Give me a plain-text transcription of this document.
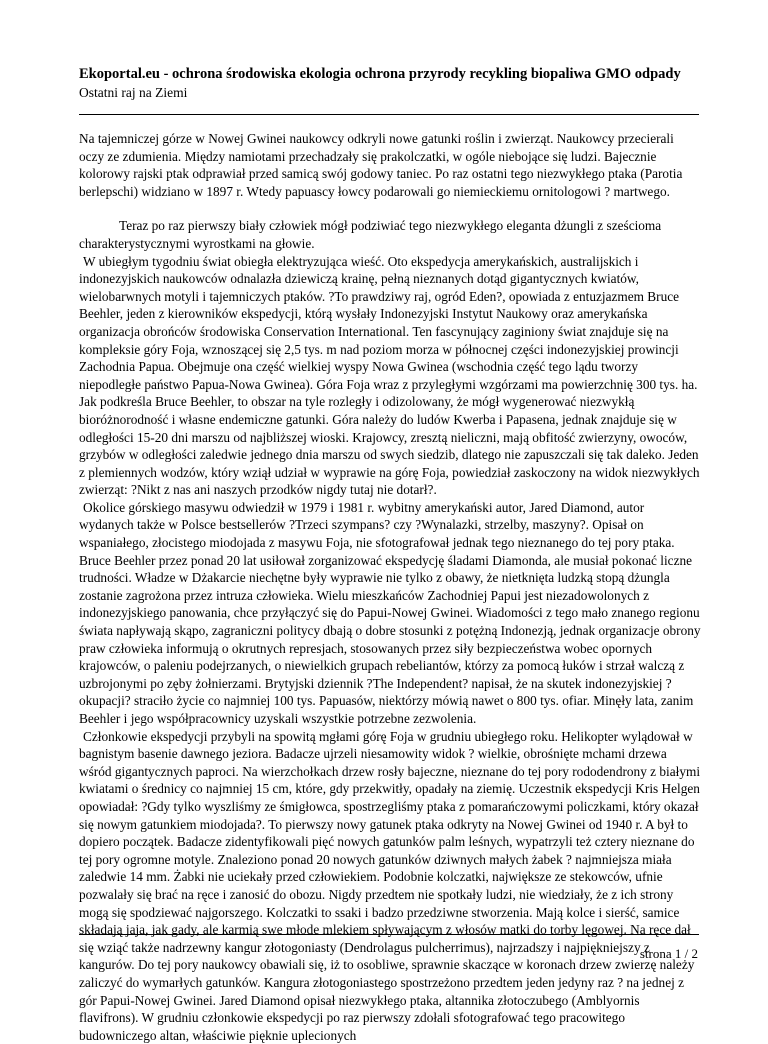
Ekoportal.eu - ochrona środowiska ekologia ochrona przyrody recykling biopaliwa GMO odpady
Ostatni raj na Ziemi

Na tajemniczej górze w Nowej Gwinei naukowcy odkryli nowe gatunki roślin i zwierząt. Naukowcy przecierali oczy ze zdumienia. Między namiotami przechadzały się prakolczatki, w ogóle niebojące się ludzi. Bajecznie kolorowy rajski ptak odprawiał przed samicą swój godowy taniec. Po raz ostatni tego niezwykłego ptaka (Parotia berlepschi) widziano w 1897 r. Wtedy papuascy łowcy podarowali go niemieckiemu ornitologowi ? martwego.

Teraz po raz pierwszy biały człowiek mógł podziwiać tego niezwykłego eleganta dżungli z sześcioma charakterystycznymi wyrostkami na głowie.

W ubiegłym tygodniu świat obiegła elektryzująca wieść. Oto ekspedycja amerykańskich, australijskich i indonezyjskich naukowców odnalazła dziewiczą krainę, pełną nieznanych dotąd gigantycznych kwiatów, wielobarwnych motyli i tajemniczych ptaków. ?To prawdziwy raj, ogród Eden?, opowiada z entuzjazmem Bruce Beehler, jeden z kierowników ekspedycji, którą wysłały Indonezyjski Instytut Naukowy oraz amerykańska organizacja obrońców środowiska Conservation International. Ten fascynujący zaginiony świat znajduje się na kompleksie góry Foja, wznoszącej się 2,5 tys. m nad poziom morza w północnej części indonezyjskiej prowincji Zachodnia Papua. Obejmuje ona część wielkiej wyspy Nowa Gwinea (wschodnia część tego lądu tworzy niepodległe państwo Papua-Nowa Gwinea). Góra Foja wraz z przyległymi wzgórzami ma powierzchnię 300 tys. ha. Jak podkreśla Bruce Beehler, to obszar na tyle rozległy i odizolowany, że mógł wygenerować niezwykłą bioróżnorodność i własne endemiczne gatunki. Góra należy do ludów Kwerba i Papasena, jednak znajduje się w odległości 15-20 dni marszu od najbliższej wioski. Krajowcy, zresztą nieliczni, mają obfitość zwierzyny, owoców, grzybów w odległości zaledwie jednego dnia marszu od swych siedzib, dlatego nie zapuszczali się tak daleko. Jeden z plemiennych wodzów, który wziął udział w wyprawie na górę Foja, powiedział zaskoczony na widok niezwykłych zwierząt: ?Nikt z nas ani naszych przodków nigdy tutaj nie dotarł?.

Okolice górskiego masywu odwiedził w 1979 i 1981 r. wybitny amerykański autor, Jared Diamond, autor wydanych także w Polsce bestsellerów ?Trzeci szympans? czy ?Wynalazki, strzelby, maszyny?. Opisał on wspaniałego, złocistego miodojada z masywu Foja, nie sfotografował jednak tego nieznanego do tej pory ptaka. Bruce Beehler przez ponad 20 lat usiłował zorganizować ekspedycję śladami Diamonda, ale musiał pokonać liczne trudności. Władze w Dżakarcie niechętne były wyprawie nie tylko z obawy, że nietknięta ludzką stopą dżungla zostanie zagrożona przez intruza człowieka. Wielu mieszkańców Zachodniej Papui jest niezadowolonych z indonezyjskiego panowania, chce przyłączyć się do Papui-Nowej Gwinei. Wiadomości z tego mało znanego regionu świata napływają skąpo, zagraniczni politycy dbają o dobre stosunki z potężną Indonezją, jednak organizacje obrony praw człowieka informują o okrutnych represjach, stosowanych przez siły bezpieczeństwa wobec opornych krajowców, o paleniu podejrzanych, o niewielkich grupach rebeliantów, którzy za pomocą łuków i strzał walczą z uzbrojonymi po zęby żołnierzami. Brytyjski dziennik ?The Independent? napisał, że na skutek indonezyjskiej ?okupacji? straciło życie co najmniej 100 tys. Papuasów, niektórzy mówią nawet o 800 tys. ofiar. Minęły lata, zanim Beehler i jego współpracownicy uzyskali wszystkie potrzebne zezwolenia.

Członkowie ekspedycji przybyli na spowitą mgłami górę Foja w grudniu ubiegłego roku. Helikopter wylądował w bagnistym basenie dawnego jeziora. Badacze ujrzeli niesamowity widok ? wielkie, obrośnięte mchami drzewa wśród gigantycznych paproci. Na wierzchołkach drzew rosły bajeczne, nieznane do tej pory rododendrony z białymi kwiatami o średnicy co najmniej 15 cm, które, gdy przekwitły, opadały na ziemię. Uczestnik ekspedycji Kris Helgen opowiadał: ?Gdy tylko wyszliśmy ze śmigłowca, spostrzegliśmy ptaka z pomarańczowymi policzkami, który okazał się nowym gatunkiem miodojada?. To pierwszy nowy gatunek ptaka odkryty na Nowej Gwinei od 1940 r. A był to dopiero początek. Badacze zidentyfikowali pięć nowych gatunków palm leśnych, wypatrzyli też cztery nieznane do tej pory ogromne motyle. Znaleziono ponad 20 nowych gatunków dziwnych małych żabek ? najmniejsza miała zaledwie 14 mm. Żabki nie uciekały przed człowiekiem. Podobnie kolczatki, największe ze stekowców, ufnie pozwalały się brać na ręce i zanosić do obozu. Nigdy przedtem nie spotkały ludzi, nie wiedziały, że z ich strony mogą się spodziewać najgorszego. Kolczatki to ssaki i badzo przedziwne stworzenia. Mają kolce i sierść, samice składają jaja, jak gady, ale karmią swe młode mlekiem spływającym z włosów matki do torby lęgowej. Na ręce dał się wziąć także nadrzewny kangur złotogoniasty (Dendrolagus pulcherrimus), najrzadszy i najpiękniejszy z kangurów. Do tej pory naukowcy obawiali się, iż to osobliwe, sprawnie skaczące w koronach drzew zwierzę należy zaliczyć do wymarłych gatunków. Kangura złotogoniastego spostrzeżono przedtem jeden jedyny raz ? na jednej z gór Papui-Nowej Gwinei. Jared Diamond opisał niezwykłego ptaka, altannika złotoczubego (Amblyornis flavifrons). W grudniu członkowie ekspedycji po raz pierwszy zdołali sfotografować tego pracowitego budowniczego altan, właściwie pięknie uplecionych

strona 1 / 2
